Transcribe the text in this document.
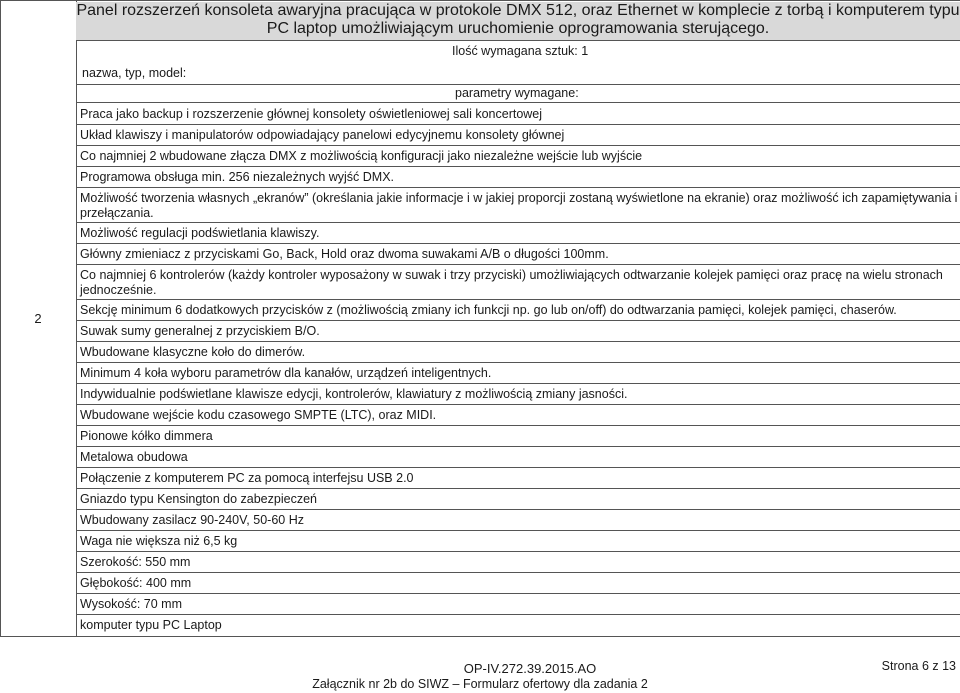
2
Panel rozszerzeń konsoleta awaryjna pracująca w protokole DMX 512, oraz Ethernet w komplecie z torbą i komputerem typu PC laptop umożliwiającym uruchomienie oprogramowania sterującego.
Ilość wymagana sztuk: 1
nazwa, typ, model:
parametry wymagane:
Praca jako backup i rozszerzenie głównej konsolety oświetleniowej sali koncertowej
Układ klawiszy i manipulatorów odpowiadający panelowi edycyjnemu konsolety głównej
Co najmniej 2 wbudowane złącza DMX z możliwością konfiguracji jako niezależne wejście lub wyjście
Programowa obsługa min. 256 niezależnych wyjść DMX.
Możliwość tworzenia własnych „ekranów” (określania jakie informacje i w jakiej proporcji zostaną wyświetlone na ekranie) oraz możliwość ich zapamiętywania i przełączania.
Możliwość regulacji podświetlania klawiszy.
Główny zmieniacz z przyciskami Go, Back, Hold oraz dwoma suwakami A/B o długości 100mm.
Co najmniej 6 kontrolerów (każdy kontroler wyposażony w suwak i trzy przyciski) umożliwiających odtwarzanie kolejek pamięci oraz pracę na wielu stronach jednocześnie.
Sekcję minimum 6 dodatkowych przycisków z (możliwością zmiany ich funkcji np. go lub on/off) do odtwarzania pamięci, kolejek pamięci, chaserów.
Suwak sumy generalnej z przyciskiem B/O.
Wbudowane klasyczne koło do dimerów.
Minimum 4 koła wyboru parametrów dla kanałów, urządzeń inteligentnych.
Indywidualnie podświetlane klawisze edycji, kontrolerów, klawiatury z możliwością zmiany jasności.
Wbudowane wejście kodu czasowego SMPTE (LTC), oraz MIDI.
Pionowe kółko dimmera
Metalowa obudowa
Połączenie z komputerem PC za pomocą interfejsu USB 2.0
Gniazdo typu Kensington do zabezpieczeń
Wbudowany zasilacz 90-240V, 50-60 Hz
Waga nie większa niż 6,5 kg
Szerokość: 550 mm
Głębokość: 400 mm
Wysokość: 70 mm
komputer typu PC Laptop
OP-IV.272.39.2015.AO
Załącznik nr 2b do SIWZ – Formularz ofertowy dla zadania 2
Strona 6 z 13
